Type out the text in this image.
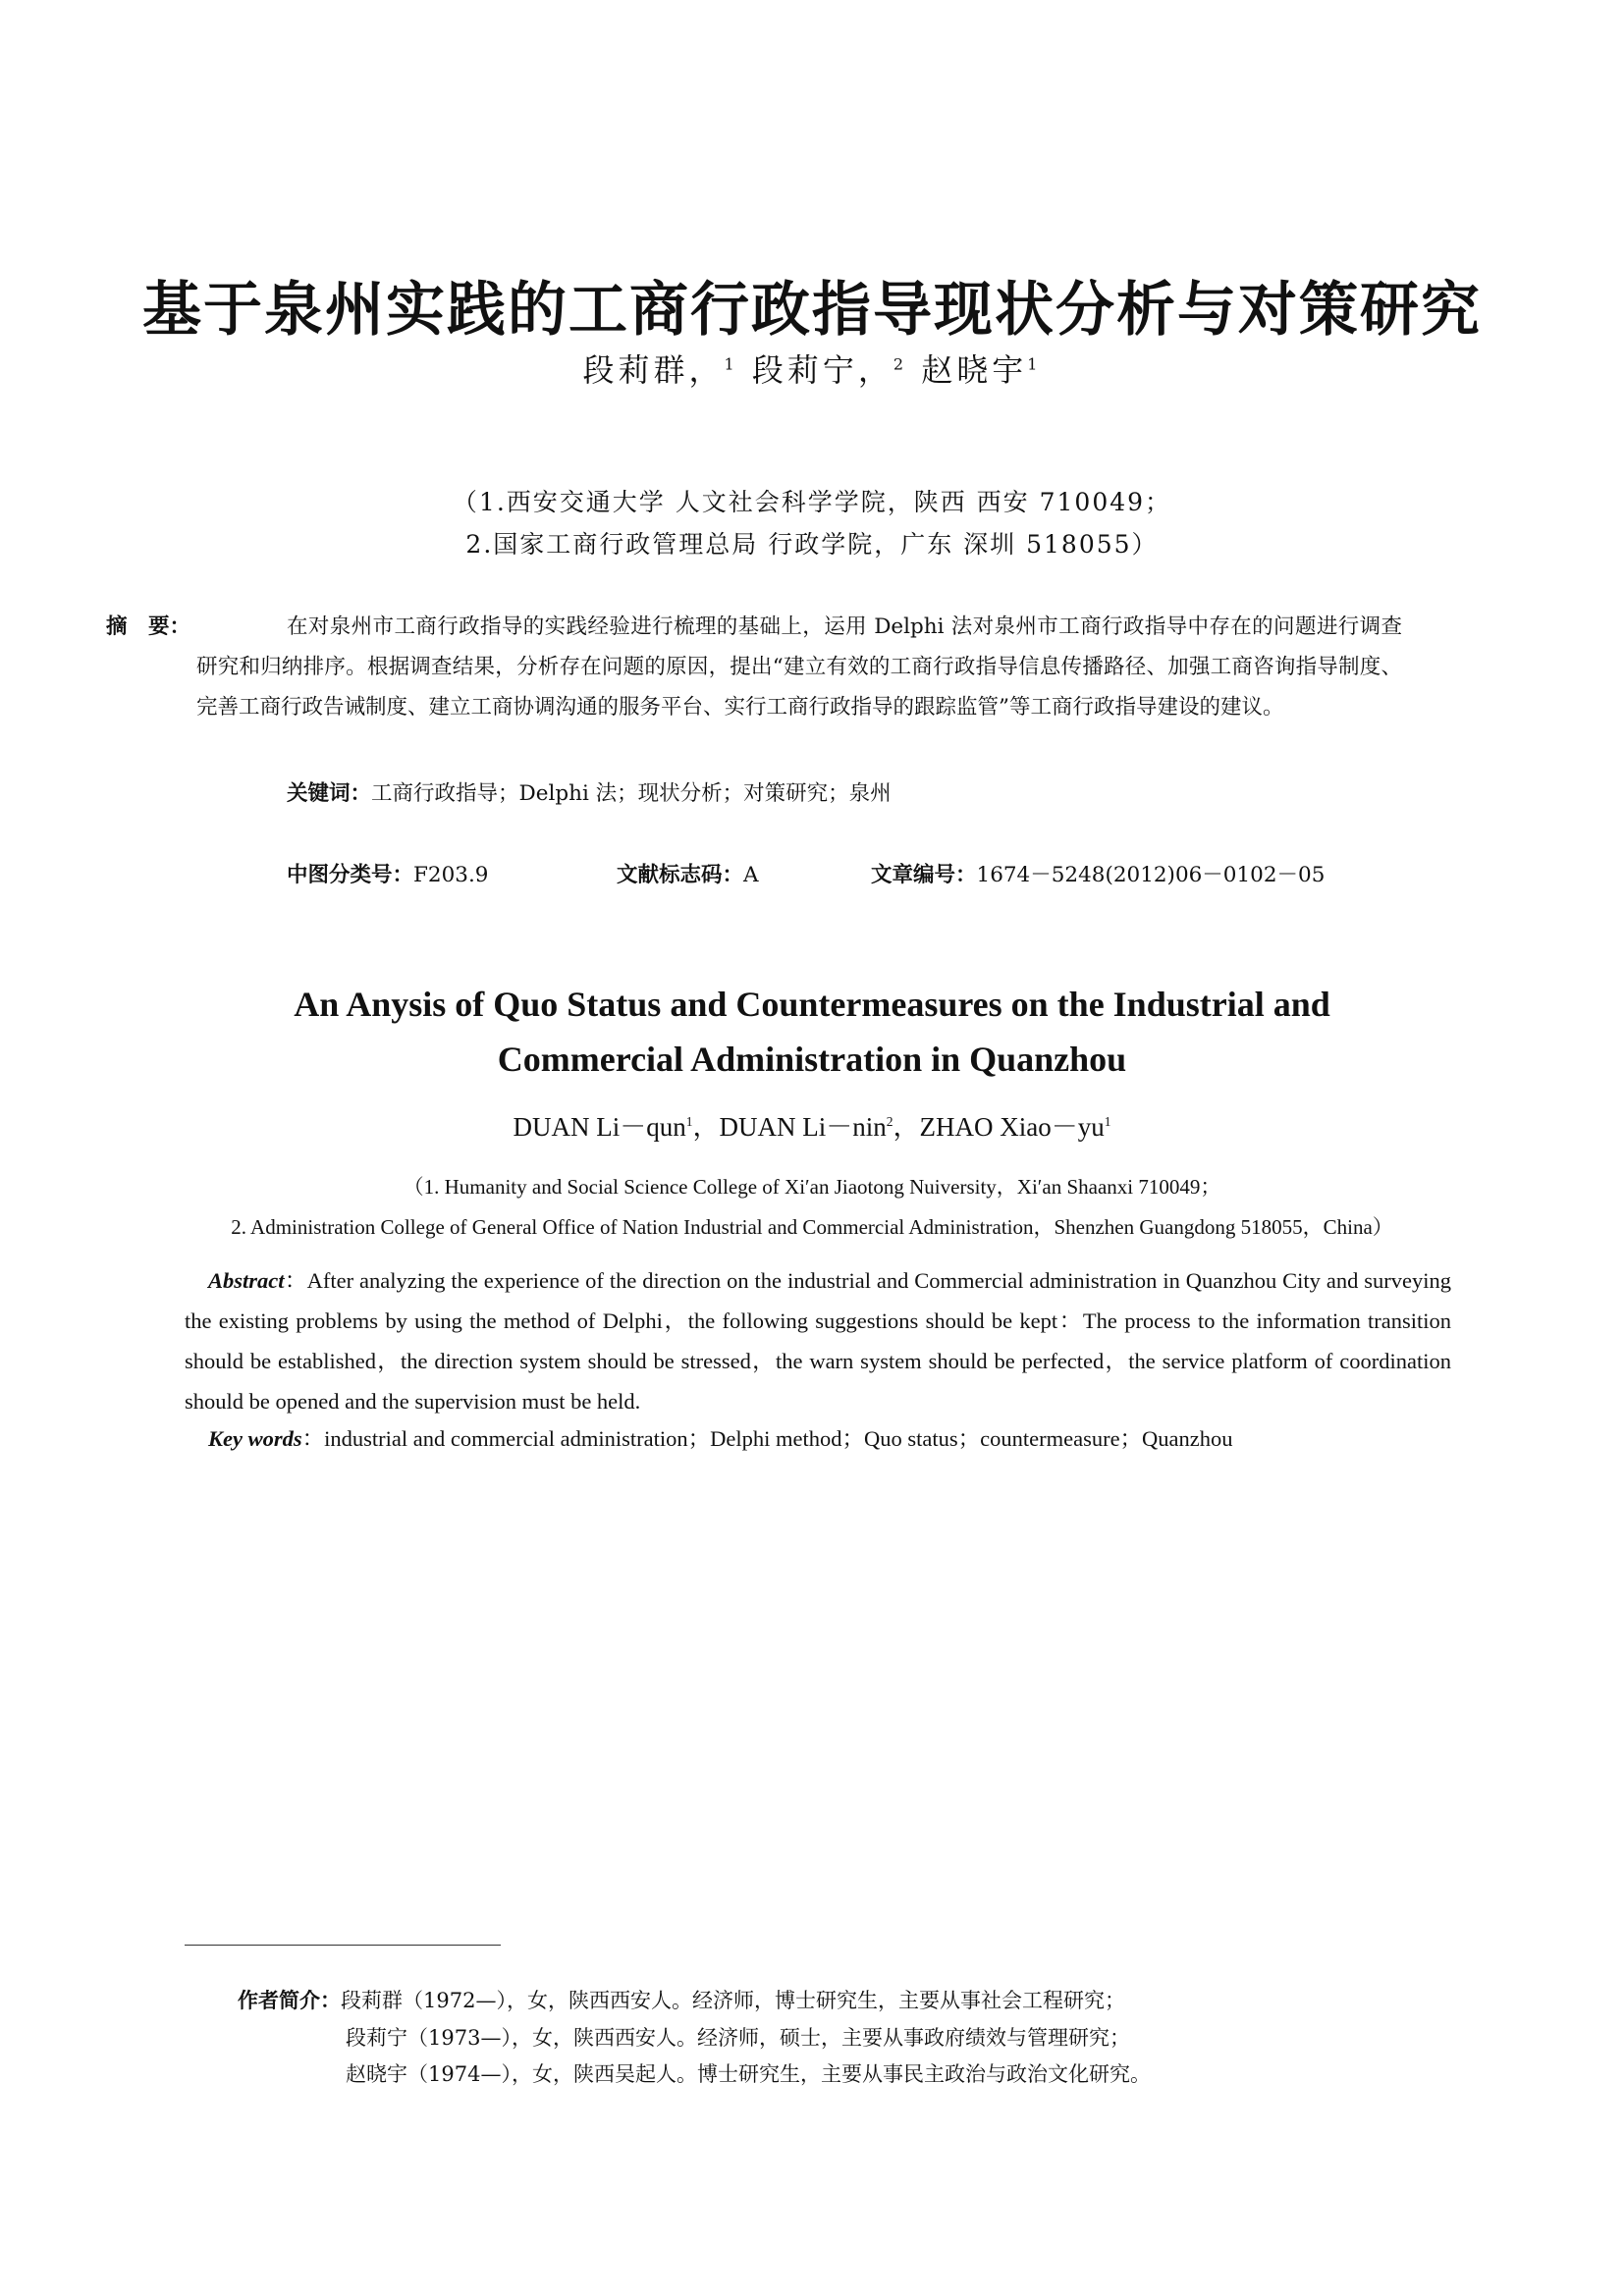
基于泉州实践的工商行政指导现状分析与对策研究
段莉群，$^1$ 段莉宁，$^2$ 赵晓宇$^1$
（1.西安交通大学 人文社会科学学院，陕西 西安 710049；
2.国家工商行政管理总局 行政学院，广东 深圳 518055）
摘　要：	在对泉州市工商行政指导的实践经验进行梳理的基础上，运用 Delphi 法对泉州市工商行政指导中存在的问题进行调查研究和归纳排序。根据调查结果，分析存在问题的原因，提出“建立有效的工商行政指导信息传播路径、加强工商咨询指导制度、完善工商行政告诫制度、建立工商协调沟通的服务平台、实行工商行政指导的跟踪监管”等工商行政指导建设的建议。
关键词：工商行政指导；Delphi 法；现状分析；对策研究；泉州
中图分类号：F203.9	文献标志码：A	文章编号：1674－5248(2012)06－0102－05
An Anysis of Quo Status and Countermeasures on the Industrial and
Commercial Administration in Quanzhou
DUAN Li－qun$^1$，DUAN Li－nin$^2$，ZHAO $Xiao-yu^1$
（1. Humanity and Social Science College of Xi′an Jiaotong Nuiversity，Xi′an Shaanxi 710049；
2. Administration College of General Office of Nation Industrial and Commercial Administration，Shenzhen Guangdong 518055，China）
Abstract：After analyzing the experience of the direction on the industrial and Commercial administration in Quanzhou City and surveying the existing problems by using the method of Delphi，the following suggestions should be kept：The process to the information transition should be established，the direction system should be stressed，the warn system should be perfected，the service platform of coordination should be opened and the supervision must be held.
Key words：industrial and commercial administration；Delphi method；Quo status；countermeasure；Quanzhou
作者简介：段莉群（1972—），女，陕西西安人。经济师，博士研究生，主要从事社会工程研究；
段莉宁（1973—），女，陕西西安人。经济师，硕士，主要从事政府绩效与管理研究；
赵晓宇（1974—），女，陕西吴起人。博士研究生，主要从事民主政治与政治文化研究。
